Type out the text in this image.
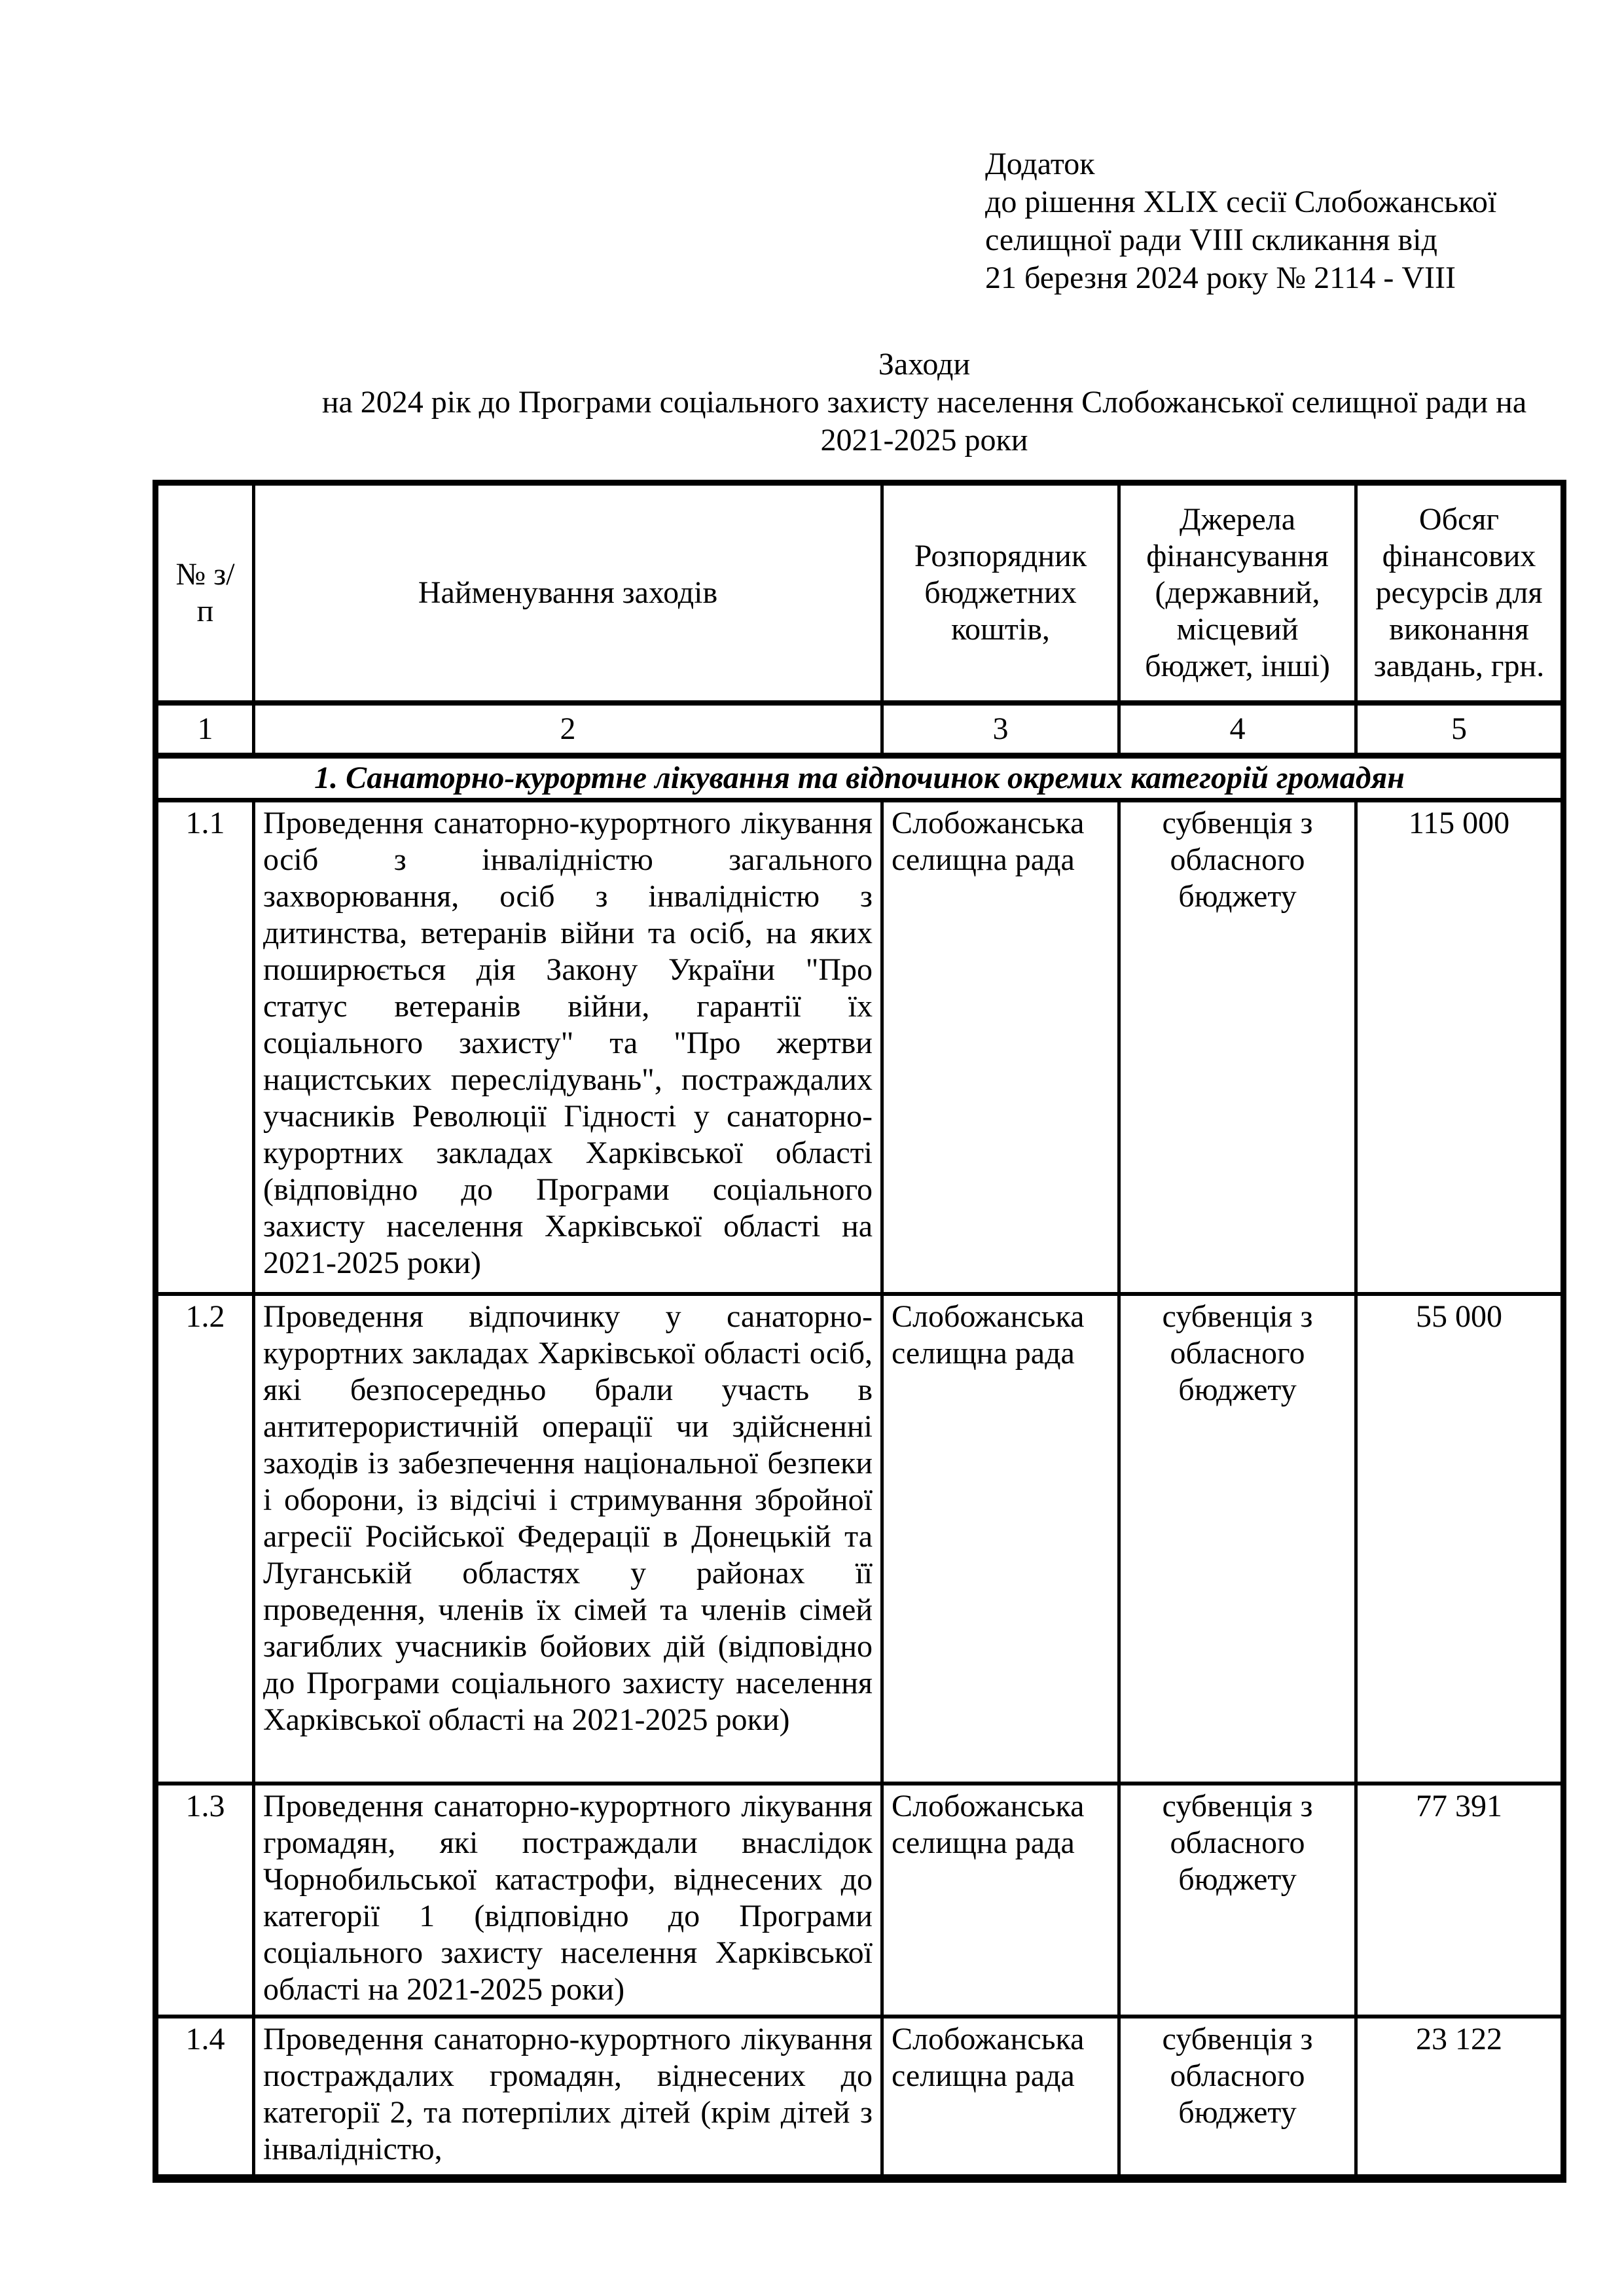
Додаток
до рішення XLIX сесії Слобожанської
селищної ради VIII скликання від
21 березня 2024 року № 2114 - VIII
Заходи
на 2024 рік до Програми соціального захисту населення Слобожанської селищної ради на
2021-2025 роки
№ з/п	Найменування заходів	Розпорядник бюджетних коштів,	Джерела фінансування (державний, місцевий бюджет, інші)	Обсяг фінансових ресурсів для виконання завдань, грн.
1	2	3	4	5
1. Санаторно-курортне лікування та відпочинок окремих категорій громадян				
1.1	Проведення санаторно-курортного лікування осіб з інвалідністю загального захворювання, осіб з інвалідністю з дитинства, ветеранів війни та осіб, на яких поширюється дія Закону України "Про статус ветеранів війни, гарантії їх соціального захисту" та "Про жертви нацистських переслідувань", постраждалих учасників Революції Гідності у санаторно-курортних закладах Харківської області (відповідно до Програми соціального захисту населення Харківської області на 2021-2025 роки)	Слобожанська селищна рада	субвенція з обласного бюджету	115 000
1.2	Проведення відпочинку у санаторно-курортних закладах Харківської області осіб, які безпосередньо брали участь в антитерористичній операції чи здійсненні заходів із забезпечення національної безпеки і оборони, із відсічі і стримування збройної агресії Російської Федерації в Донецькій та Луганській областях у районах її проведення, членів їх сімей та членів сімей загиблих учасників бойових дій (відповідно до Програми соціального захисту населення Харківської області на 2021-2025 роки)	Слобожанська селищна рада	субвенція з обласного бюджету	55 000
1.3	Проведення санаторно-курортного лікування громадян, які постраждали внаслідок Чорнобильської катастрофи, віднесених до категорії 1 (відповідно до Програми соціального захисту населення Харківської області на 2021-2025 роки)	Слобожанська селищна рада	субвенція з обласного бюджету	77 391
1.4	Проведення санаторно-курортного лікування постраждалих громадян, віднесених до категорії 2, та потерпілих дітей (крім дітей з інвалідністю,	Слобожанська селищна рада	субвенція з обласного бюджету	23 122
